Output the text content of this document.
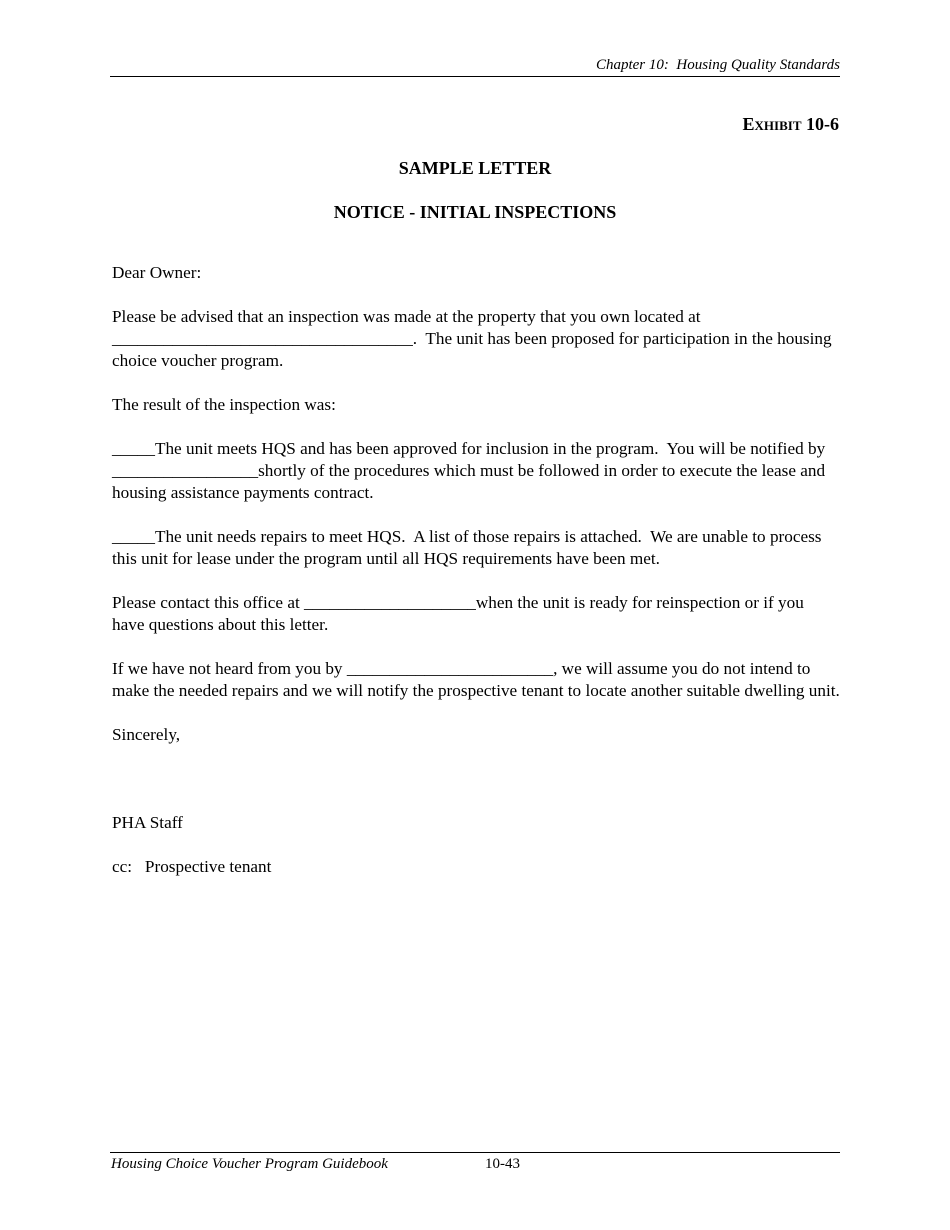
Chapter 10:  Housing Quality Standards
Exhibit 10-6
SAMPLE LETTER
NOTICE - INITIAL INSPECTIONS

Dear Owner:

Please be advised that an inspection was made at the property that you own located at ___________________________________.  The unit has been proposed for participation in the housing choice voucher program.

The result of the inspection was:

_____The unit meets HQS and has been approved for inclusion in the program.  You will be notified by _________________shortly of the procedures which must be followed in order to execute the lease and housing assistance payments contract.

_____The unit needs repairs to meet HQS.  A list of those repairs is attached.  We are unable to process this unit for lease under the program until all HQS requirements have been met.

Please contact this office at ____________________when the unit is ready for reinspection or if you have questions about this letter.

If we have not heard from you by ________________________, we will assume you do not intend to make the needed repairs and we will notify the prospective tenant to locate another suitable dwelling unit.

Sincerely,

PHA Staff

cc:   Prospective tenant

Housing Choice Voucher Program Guidebook	10-43
